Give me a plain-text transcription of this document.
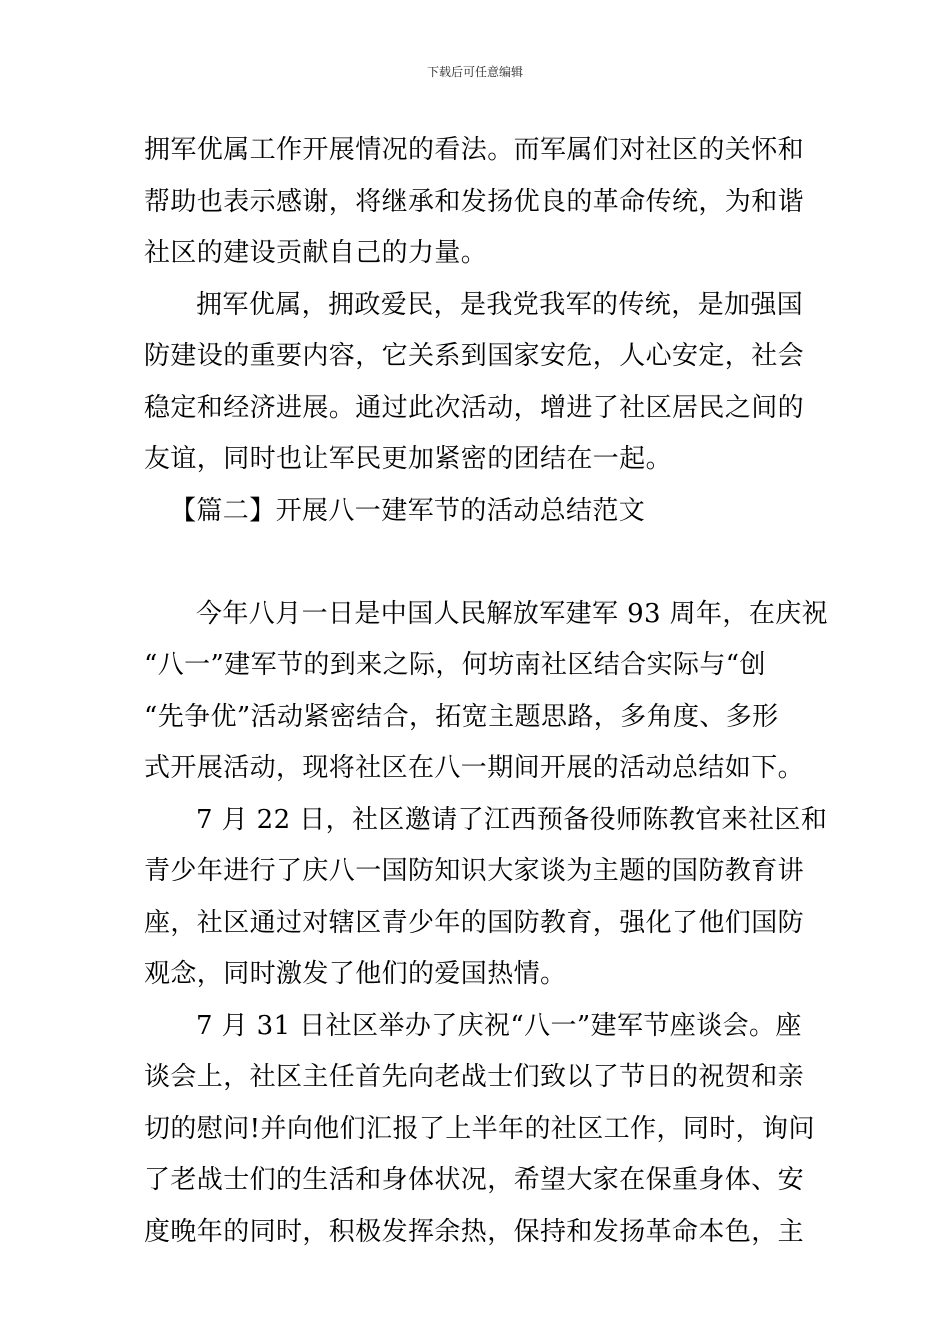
下载后可任意编辑
拥军优属工作开展情况的看法。而军属们对社区的关怀和
帮助也表示感谢，将继承和发扬优良的革命传统，为和谐
社区的建设贡献自己的力量。
拥军优属，拥政爱民，是我党我军的传统，是加强国
防建设的重要内容，它关系到国家安危，人心安定，社会
稳定和经济进展。通过此次活动，增进了社区居民之间的
友谊，同时也让军民更加紧密的团结在一起。
【篇二】开展八一建军节的活动总结范文
今年八月一日是中国人民解放军建军 93 周年，在庆祝
“八一”建军节的到来之际，何坊南社区结合实际与“创
“先争优”活动紧密结合，拓宽主题思路，多角度、多形
式开展活动，现将社区在八一期间开展的活动总结如下。
7 月 22 日，社区邀请了江西预备役师陈教官来社区和
青少年进行了庆八一国防知识大家谈为主题的国防教育讲
座，社区通过对辖区青少年的国防教育，强化了他们国防
观念，同时激发了他们的爱国热情。
7 月 31 日社区举办了庆祝“八一”建军节座谈会。座
谈会上，社区主任首先向老战士们致以了节日的祝贺和亲
切的慰问!并向他们汇报了上半年的社区工作，同时，询问
了老战士们的生活和身体状况，希望大家在保重身体、安
度晚年的同时，积极发挥余热，保持和发扬革命本色，主
